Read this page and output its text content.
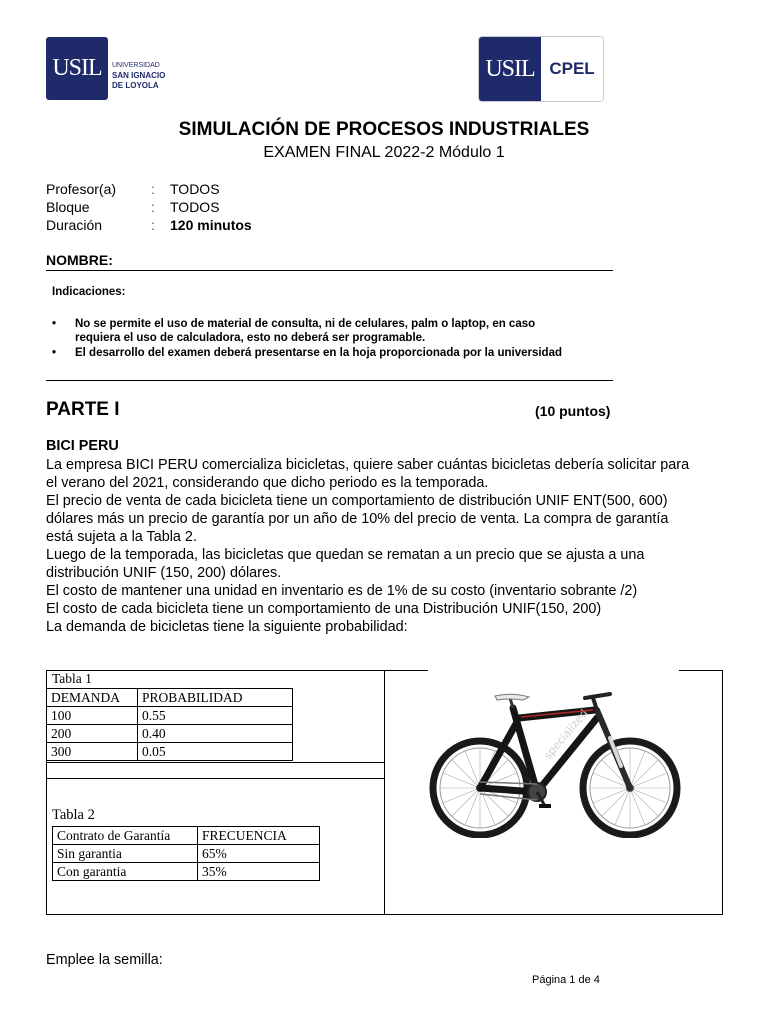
USIL UNIVERSIDAD
SAN IGNACIO
DE LOYOLA
USIL CPEL
SIMULACIÓN DE PROCESOS INDUSTRIALES
EXAMEN FINAL 2022-2 Módulo 1
Profesor(a) : TODOS
Bloque	: TODOS
Duración	: 120 minutos
NOMBRE:
Indicaciones:
• No se permite el uso de material de consulta, ni de celulares, palm o laptop, en caso
requiera el uso de calculadora, esto no deberá ser programable.
• El desarrollo del examen deberá presentarse en la hoja proporcionada por la universidad
PARTE I	(10 puntos)
BICI PERU
La empresa BICI PERU comercializa bicicletas, quiere saber cuántas bicicletas debería solicitar para
el verano del 2021, considerando que dicho periodo es la temporada.
El precio de venta de cada bicicleta tiene un comportamiento de distribución UNIF ENT(500, 600)
dólares más un precio de garantía por un año de 10% del precio de venta. La compra de garantía
está sujeta a la Tabla 2.
Luego de la temporada, las bicicletas que quedan se rematan a un precio que se ajusta a una
distribución UNIF (150, 200) dólares.
El costo de mantener una unidad en inventario es de 1% de su costo (inventario sobrante /2)
El costo de cada bicicleta tiene un comportamiento de una Distribución UNIF(150, 200)
La demanda de bicicletas tiene la siguiente probabilidad:
Tabla 1
DEMANDA	PROBABILIDAD
100	0.55
200	0.40
300	0.05
Tabla 2
Contrato de Garantía	FRECUENCIA
Sin garantia	65%
Con garantia	35%
specialized
Emplee la semilla:
Página 1 de 4
